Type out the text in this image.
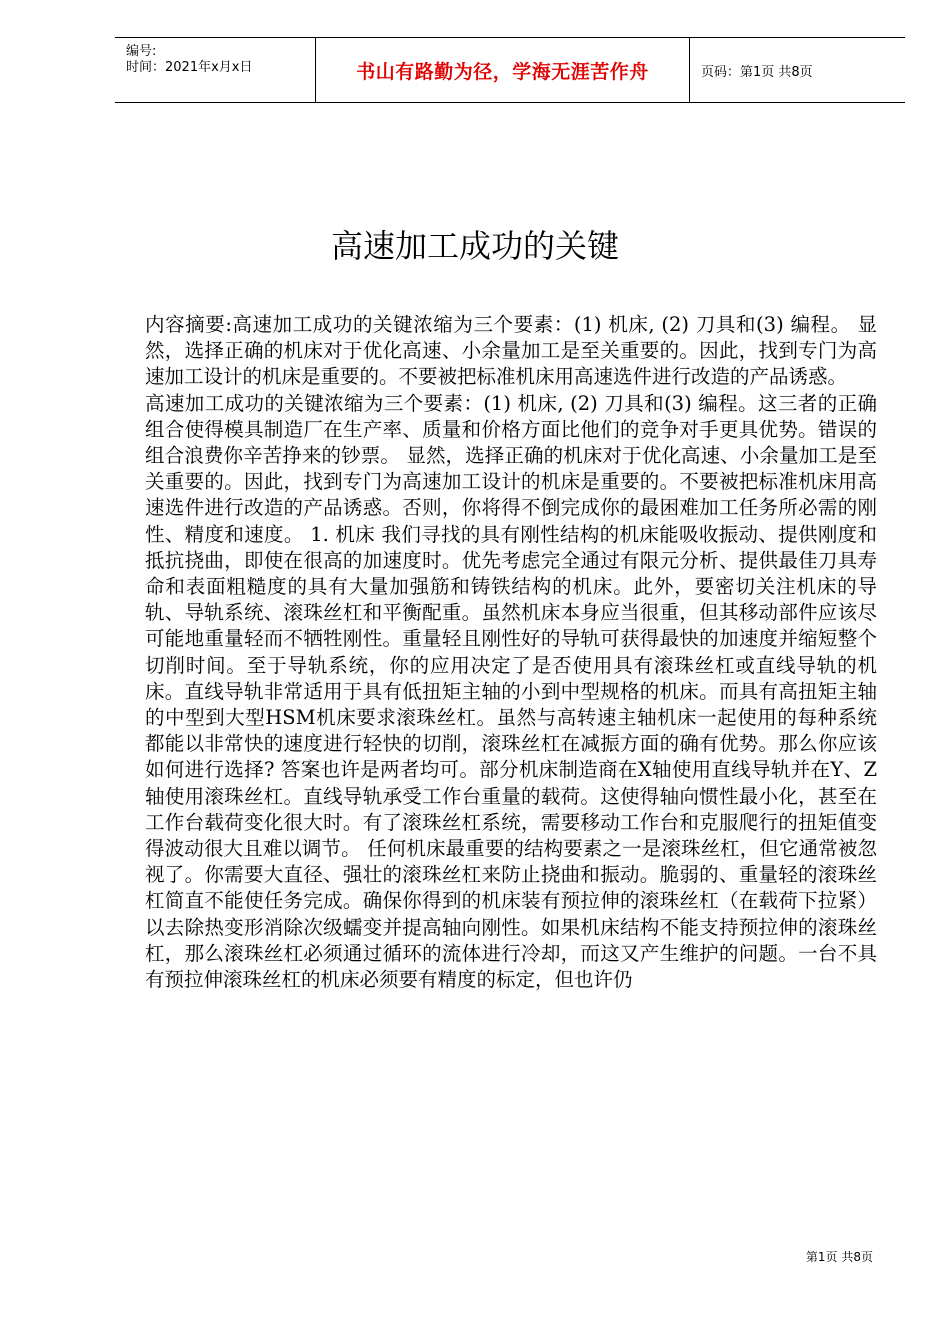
编号:
时间：2021年x月x日	书山有路勤为径，学海无涯苦作舟	页码：第1页 共8页
高速加工成功的关键

内容摘要:高速加工成功的关键浓缩为三个要素：(1) 机床, (2) 刀具和(3) 编程。 显然，选择正确的机床对于优化高速、小余量加工是至关重要的。因此，找到专门为高速加工设计的机床是重要的。不要被把标准机床用高速选件进行改造的产品诱惑。

高速加工成功的关键浓缩为三个要素：(1) 机床, (2) 刀具和(3) 编程。这三者的正确组合使得模具制造厂在生产率、质量和价格方面比他们的竞争对手更具优势。错误的组合浪费你辛苦挣来的钞票。 显然，选择正确的机床对于优化高速、小余量加工是至关重要的。因此，找到专门为高速加工设计的机床是重要的。不要被把标准机床用高速选件进行改造的产品诱惑。否则，你将得不倒完成你的最困难加工任务所必需的刚性、精度和速度。 1. 机床 我们寻找的具有刚性结构的机床能吸收振动、提供刚度和抵抗挠曲，即使在很高的加速度时。优先考虑完全通过有限元分析、提供最佳刀具寿命和表面粗糙度的具有大量加强筋和铸铁结构的机床。此外，要密切关注机床的导轨、导轨系统、滚珠丝杠和平衡配重。虽然机床本身应当很重，但其移动部件应该尽可能地重量轻而不牺牲刚性。重量轻且刚性好的导轨可获得最快的加速度并缩短整个切削时间。至于导轨系统，你的应用决定了是否使用具有滚珠丝杠或直线导轨的机床。直线导轨非常适用于具有低扭矩主轴的小到中型规格的机床。而具有高扭矩主轴的中型到大型HSM机床要求滚珠丝杠。虽然与高转速主轴机床一起使用的每种系统都能以非常快的速度进行轻快的切削，滚珠丝杠在减振方面的确有优势。那么你应该如何进行选择? 答案也许是两者均可。部分机床制造商在X轴使用直线导轨并在Y、Z轴使用滚珠丝杠。直线导轨承受工作台重量的载荷。这使得轴向惯性最小化，甚至在工作台载荷变化很大时。有了滚珠丝杠系统，需要移动工作台和克服爬行的扭矩值变得波动很大且难以调节。 任何机床最重要的结构要素之一是滚珠丝杠，但它通常被忽视了。你需要大直径、强壮的滚珠丝杠来防止挠曲和振动。脆弱的、重量轻的滚珠丝杠简直不能使任务完成。确保你得到的机床装有预拉伸的滚珠丝杠（在载荷下拉紧）以去除热变形消除次级蠕变并提高轴向刚性。如果机床结构不能支持预拉伸的滚珠丝杠，那么滚珠丝杠必须通过循环的流体进行冷却，而这又产生维护的问题。一台不具有预拉伸滚珠丝杠的机床必须要有精度的标定，但也许仍

第1页 共8页
